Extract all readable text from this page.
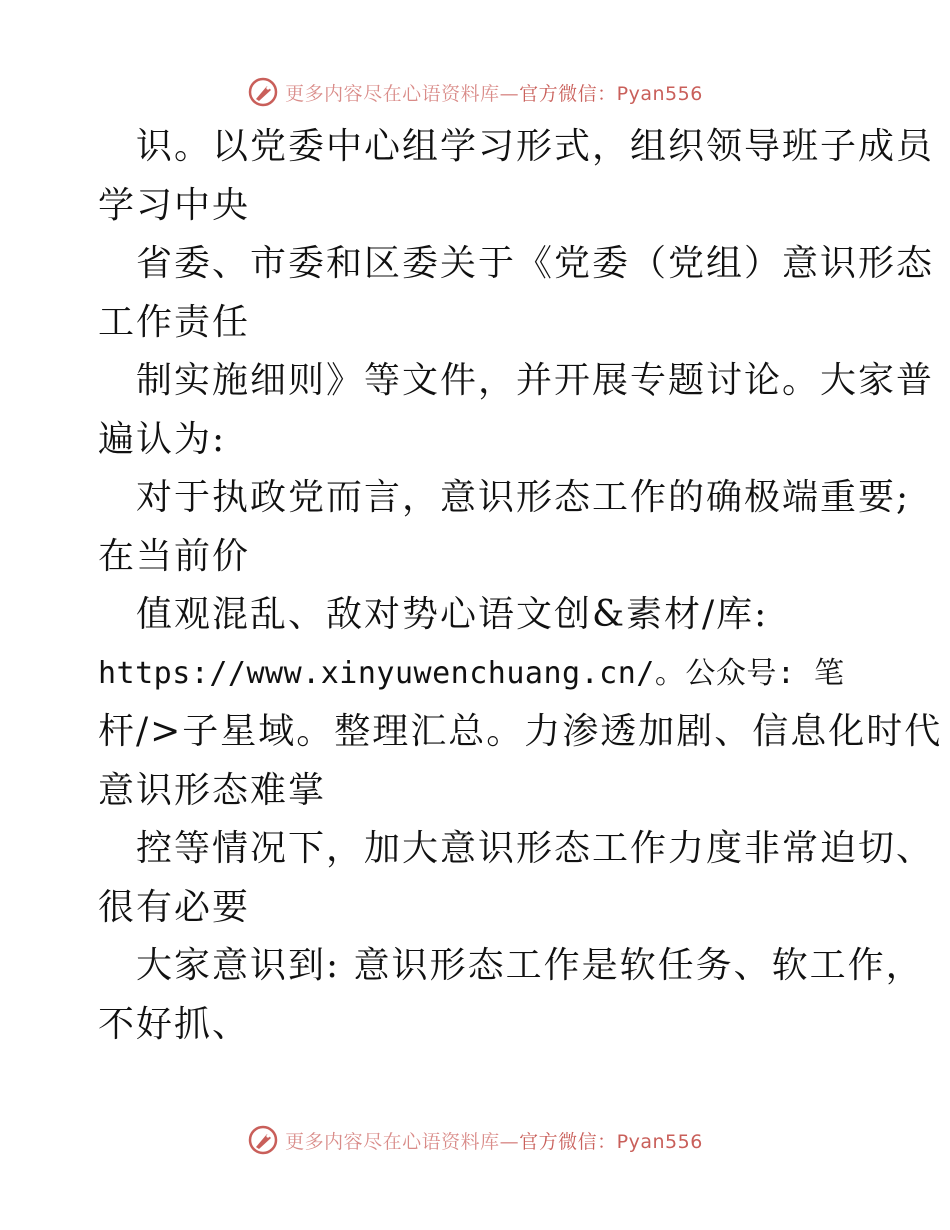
更多内容尽在心语资料库—官方微信：Pyan556
识。以党委中心组学习形式，组织领导班子成员
学习中央
省委、市委和区委关于《党委（党组）意识形态
工作责任
制实施细则》等文件，并开展专题讨论。大家普
遍认为:
对于执政党而言，意识形态工作的确极端重要;
在当前价
值观混乱、敌对势心语文创&素材/库:
https://www.xinyuwenchuang.cn/。公众号: 笔
杆/>子星域。整理汇总。力渗透加剧、信息化时代
意识形态难掌
控等情况下，加大意识形态工作力度非常迫切、
很有必要
大家意识到: 意识形态工作是软任务、软工作，
不好抓、
更多内容尽在心语资料库—官方微信：Pyan556
